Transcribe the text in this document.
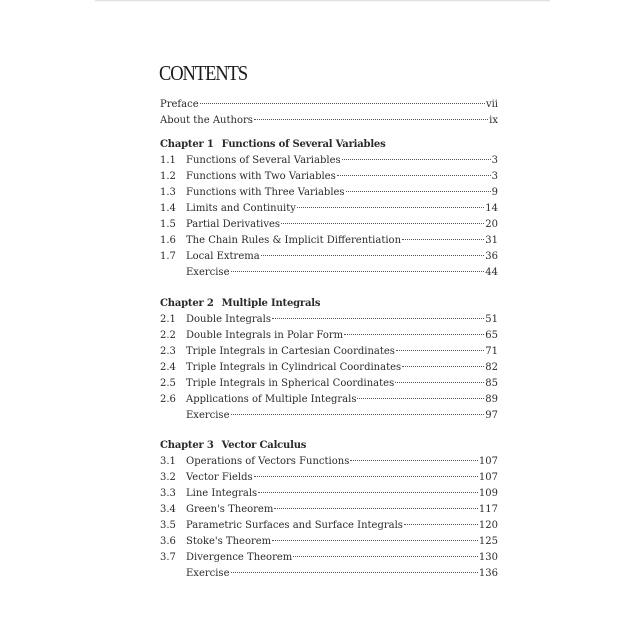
CONTENTS
Preface	vii
About the Authors	ix
Chapter 1 Functions of Several Variables
1.1	Functions of Several Variables	3
1.2	Functions with Two Variables	3
1.3	Functions with Three Variables	9
1.4	Limits and Continuity	14
1.5	Partial Derivatives	20
1.6	The Chain Rules & Implicit Differentiation	31
1.7	Local Extrema	36
Exercise	44
Chapter 2 Multiple Integrals
2.1	Double Integrals	51
2.2	Double Integrals in Polar Form	65
2.3	Triple Integrals in Cartesian Coordinates	71
2.4	Triple Integrals in Cylindrical Coordinates	82
2.5	Triple Integrals in Spherical Coordinates	85
2.6	Applications of Multiple Integrals	89
Exercise	97
Chapter 3 Vector Calculus
3.1	Operations of Vectors Functions	107
3.2	Vector Fields	107
3.3	Line Integrals	109
3.4	Green's Theorem	117
3.5	Parametric Surfaces and Surface Integrals	120
3.6	Stoke's Theorem	125
3.7	Divergence Theorem	130
Exercise	136
